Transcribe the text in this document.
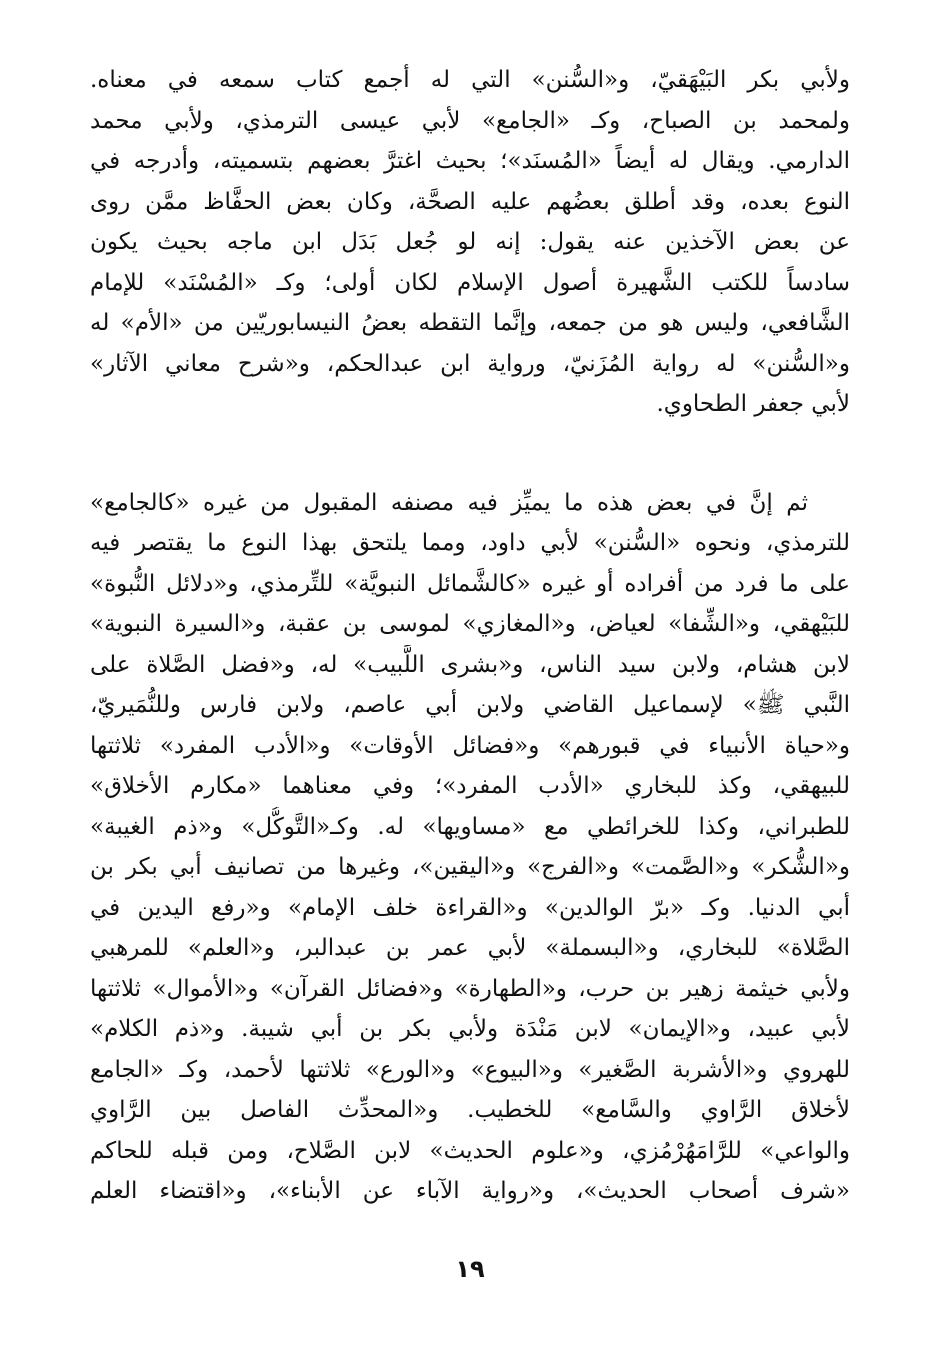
ولأبي بكر البَيْهَقيّ، و«السُّنن» التي له أجمع كتاب سمعه في معناه.
ولمحمد بن الصباح، وكـ «الجامع» لأبي عيسى الترمذي، ولأبي محمد
الدارمي. ويقال له أيضاً «المُسنَد»؛ بحيث اغترَّ بعضهم بتسميته، وأدرجه في
النوع بعده، وقد أطلق بعضُهم عليه الصحَّة، وكان بعض الحفَّاظ ممَّن روى
عن بعض الآخذين عنه يقول: إنه لو جُعل بَدَل ابن ماجه بحيث يكون
سادساً للكتب الشَّهيرة أصول الإسلام لكان أولى؛ وكـ «المُسْنَد» للإمام
الشَّافعي، وليس هو من جمعه، وإنَّما التقطه بعضُ النيسابوريّين من «الأم» له
و«السُّنن» له رواية المُزَنيّ، ورواية ابن عبدالحكم، و«شرح معاني الآثار»
لأبي جعفر الطحاوي.
ثم إنَّ في بعض هذه ما يميِّز فيه مصنفه المقبول من غيره «كالجامع»
للترمذي، ونحوه «السُّنن» لأبي داود، ومما يلتحق بهذا النوع ما يقتصر فيه
على ما فرد من أفراده أو غيره «كالشَّمائل النبويَّة» للتِّرمذي، و«دلائل النُّبوة»
للبَيْهقي، و«الشِّفا» لعياض، و«المغازي» لموسى بن عقبة، و«السيرة النبوية»
لابن هشام، ولابن سيد الناس، و«بشرى اللَّبيب» له، و«فضل الصَّلاة على
النَّبي ﷺ» لإسماعيل القاضي ولابن أبي عاصم، ولابن فارس وللنُّمَيريّ،
و«حياة الأنبياء في قبورهم» و«فضائل الأوقات» و«الأدب المفرد» ثلاثتها
للبيهقي، وكذ للبخاري «الأدب المفرد»؛ وفي معناهما «مكارم الأخلاق»
للطبراني، وكذا للخرائطي مع «مساويها» له. وكـ«التَّوكُّل» و«ذم الغيبة»
و«الشُّكر» و«الصَّمت» و«الفرج» و«اليقين»، وغيرها من تصانيف أبي بكر بن
أبي الدنيا. وكـ «برّ الوالدين» و«القراءة خلف الإمام» و«رفع اليدين في
الصَّلاة» للبخاري، و«البسملة» لأبي عمر بن عبدالبر، و«العلم» للمرهبي
ولأبي خيثمة زهير بن حرب، و«الطهارة» و«فضائل القرآن» و«الأموال» ثلاثتها
لأبي عبيد، و«الإيمان» لابن مَنْدَة ولأبي بكر بن أبي شيبة. و«ذم الكلام»
للهروي و«الأشربة الصَّغير» و«البيوع» و«الورع» ثلاثتها لأحمد، وكـ «الجامع
لأخلاق الرَّاوي والسَّامع» للخطيب. و«المحدِّث الفاصل بين الرَّاوي
والواعي» للرَّامَهُرْمُزي، و«علوم الحديث» لابن الصَّلاح، ومن قبله للحاكم
«شرف أصحاب الحديث»، و«رواية الآباء عن الأبناء»، و«اقتضاء العلم
١٩
